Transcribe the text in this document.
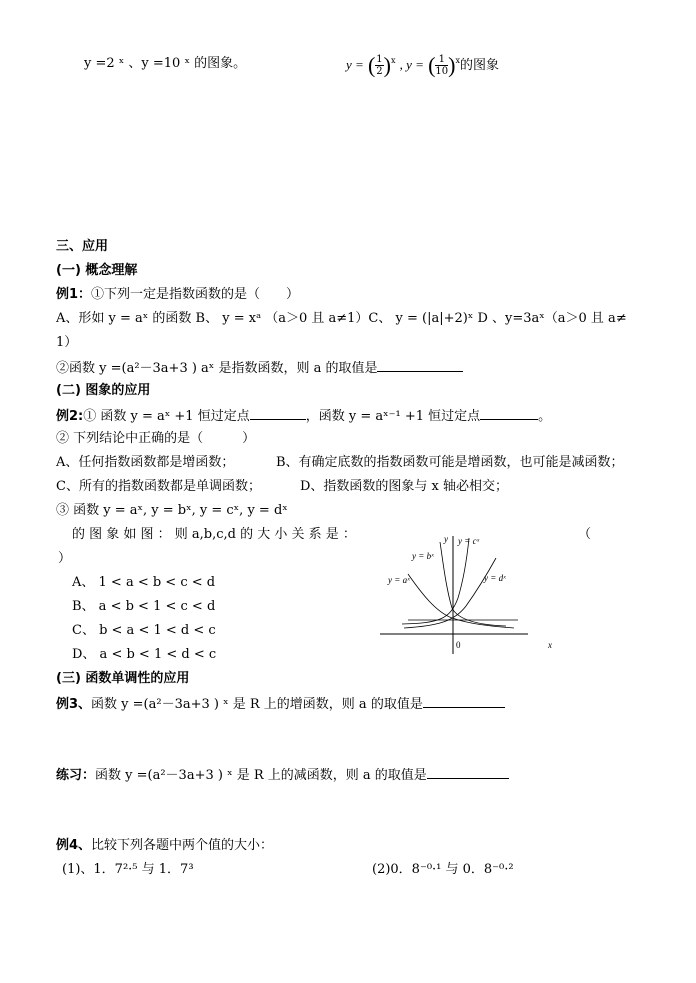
y =2 ˣ 、y =10 ˣ 的图象。	y = ( $\frac{1}{2} )^x$ , y = ( $\frac{1}{10} )^x$的图象
三、应用
(一) 概念理解
例1：①下列一定是指数函数的是（　　）
A、形如 y = aˣ 的函数 B、 y = xᵃ （a＞0 且 a≠1）C、 y = (|a|+2)ˣ D 、y=3aˣ（a＞0 且 a≠
1）
②函数 y =(a²－3a+3 ) aˣ 是指数函数，则 a 的取值是
(二) 图象的应用
例2:① 函数 y = aˣ +1 恒过定点	，函数 y = aˣ⁻¹ +1 恒过定点	。
② 下列结论中正确的是（　　　）
A、任何指数函数都是增函数；	B、有确定底数的指数函数可能是增函数，也可能是减函数；
C、所有的指数函数都是单调函数；	D、指数函数的图象与 x 轴必相交；
③ 函数 y = aˣ, y = bˣ, y = cˣ, y = dˣ
的 图 象 如 图 ： 则 a,b,c,d 的 大 小 关 系 是 ：	（
）
A、 1 < a < b < c < d
B、 a < b < 1 < c < d
C、 b < a < 1 < d < c
D、 a < b < 1 < d < c
y y = cˣ
y = bˣ
y = aˣ	y = dˣ
0	x
(三) 函数单调性的应用
例3、函数 y =(a²－3a+3 ) ˣ 是 R 上的增函数，则 a 的取值是
练习：函数 y =(a²－3a+3 ) ˣ 是 R 上的减函数，则 a 的取值是
例4、比较下列各题中两个值的大小：
(1)、1．7²·⁵ 与 1．7³	(2)0．8⁻⁰·¹ 与 0．8⁻⁰·²
